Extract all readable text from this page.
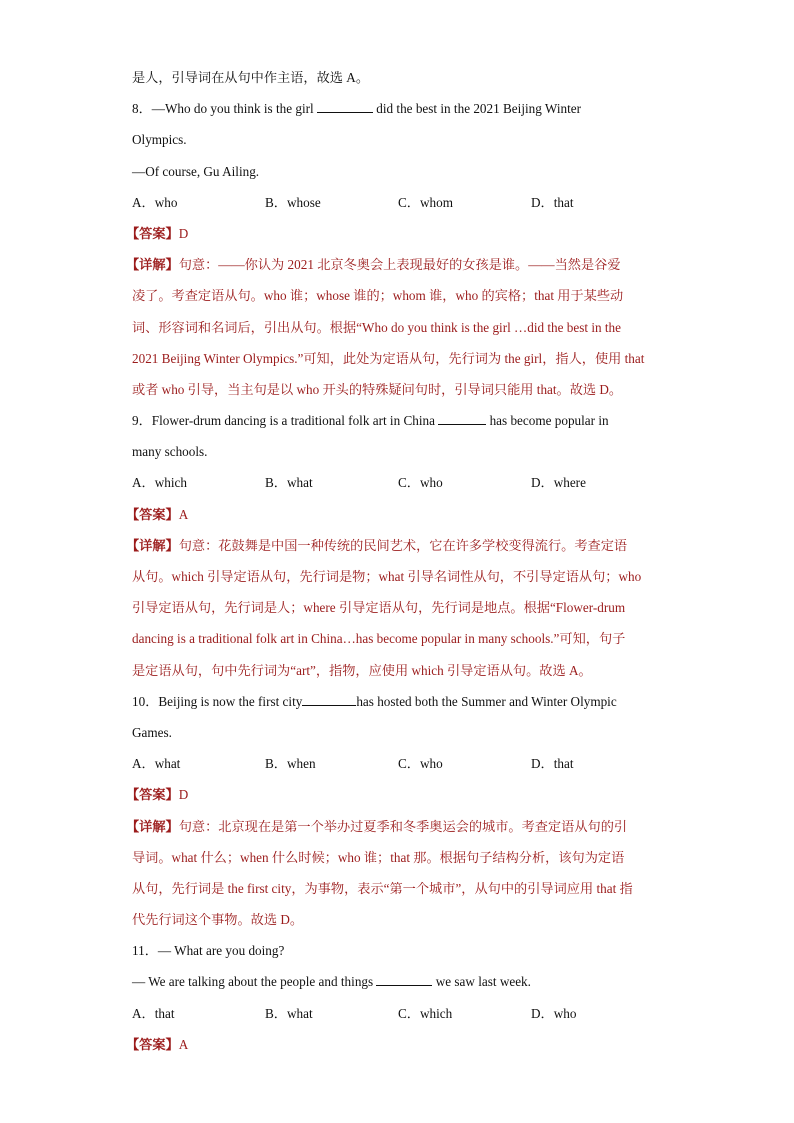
是人，引导词在从句中作主语，故选 A。
8．—Who do you think is the girl	did the best in the 2021 Beijing Winter
Olympics.
—Of course, Gu Ailing.
A．who	B．whose	C．whom	D．that
【答案】D
【详解】句意：——你认为 2021 北京冬奥会上表现最好的女孩是谁。——当然是谷爱
凌了。考查定语从句。who 谁；whose 谁的；whom 谁，who 的宾格；that 用于某些动
词、形容词和名词后，引出从句。根据“Who do you think is the girl …did the best in the
2021 Beijing Winter Olympics.”可知，此处为定语从句，先行词为 the girl，指人，使用 that
或者 who 引导，当主句是以 who 开头的特殊疑问句时，引导词只能用 that。故选 D。
9．Flower-drum dancing is a traditional folk art in China	has become popular in
many schools.
A．which	B．what	C．who	D．where
【答案】A
【详解】句意：花鼓舞是中国一种传统的民间艺术，它在许多学校变得流行。考查定语
从句。which 引导定语从句，先行词是物；what 引导名词性从句，不引导定语从句；who
引导定语从句，先行词是人；where 引导定语从句，先行词是地点。根据“Flower-drum
dancing is a traditional folk art in China…has become popular in many schools.”可知，句子
是定语从句，句中先行词为“art”，指物，应使用 which 引导定语从句。故选 A。
10．Beijing is now the first city	has hosted both the Summer and Winter Olympic
Games.
A．what	B．when	C．who	D．that
【答案】D
【详解】句意：北京现在是第一个举办过夏季和冬季奥运会的城市。考查定语从句的引
导词。what 什么；when 什么时候；who 谁；that 那。根据句子结构分析，该句为定语
从句，先行词是 the first city，为事物，表示“第一个城市”，从句中的引导词应用 that 指
代先行词这个事物。故选 D。
11．— What are you doing?
— We are talking about the people and things	we saw last week.
A．that	B．what	C．which	D．who
【答案】A
